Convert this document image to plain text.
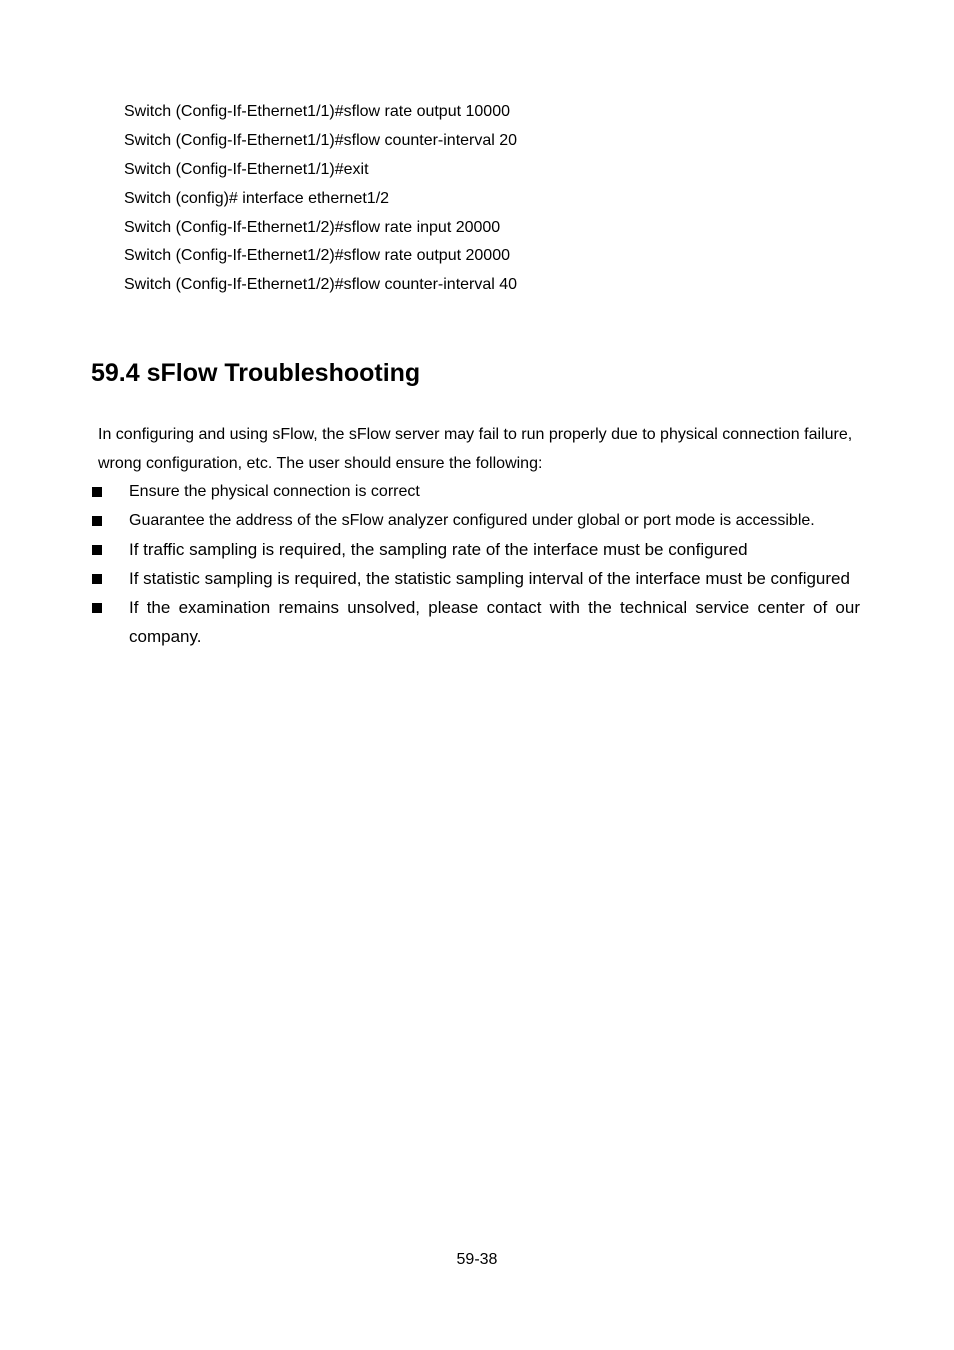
Switch (Config-If-Ethernet1/1)#sflow rate output 10000
Switch (Config-If-Ethernet1/1)#sflow counter-interval 20
Switch (Config-If-Ethernet1/1)#exit
Switch (config)# interface ethernet1/2
Switch (Config-If-Ethernet1/2)#sflow rate input 20000
Switch (Config-If-Ethernet1/2)#sflow rate output 20000
Switch (Config-If-Ethernet1/2)#sflow counter-interval 40
59.4 sFlow Troubleshooting

In configuring and using sFlow, the sFlow server may fail to run properly due to physical connection failure, wrong configuration, etc. The user should ensure the following:

Ensure the physical connection is correct
Guarantee the address of the sFlow analyzer configured under global or port mode is accessible.
If traffic sampling is required, the sampling rate of the interface must be configured
If statistic sampling is required, the statistic sampling interval of the interface must be configured
If the examination remains unsolved, please contact with the technical service center of our company.
59-38
